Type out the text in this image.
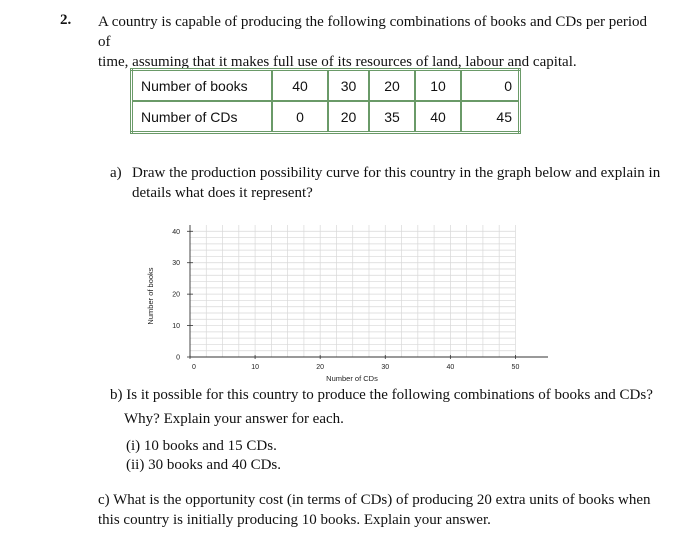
2. A country is capable of producing the following combinations of books and CDs per period of
time, assuming that it makes full use of its resources of land, labour and capital.
Number of books	40	30	20	10	0
Number of CDs	0	20	35	40	45
a) Draw the production possibility curve for this country in the graph below and explain in
details what does it represent?
0	10	20	30	40	50
0
10
20
30
40
Number of CDs
Number of books
b) Is it possible for this country to produce the following combinations of books and CDs?
Why? Explain your answer for each.
(i) 10 books and 15 CDs.
(ii) 30 books and 40 CDs.
c) What is the opportunity cost (in terms of CDs) of producing 20 extra units of books when
this country is initially producing 10 books. Explain your answer.
